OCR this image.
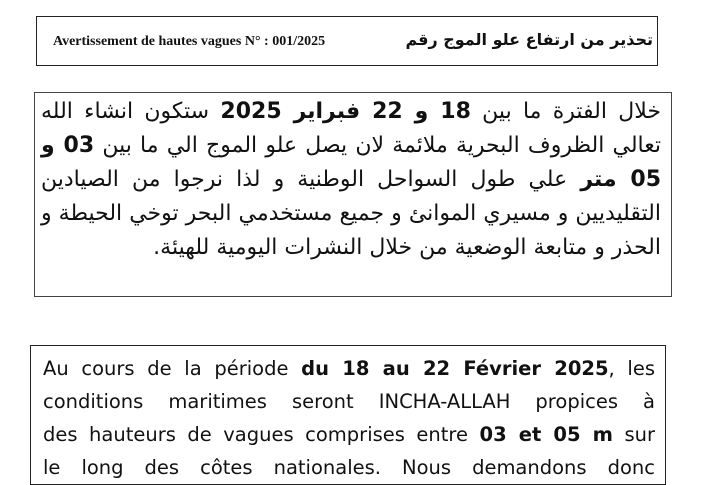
Avertissement de hautes vagues N° : 001/2025	تحذير من ارتفاع علو الموج رقم
خلال الفترة ما بين 18 و 22 فبراير 2025 ستكون انشاء الله تعالي الظروف البحرية ملائمة لان يصل علو الموج الي ما بين 03 و 05 متر علي طول السواحل الوطنية و لذا نرجوا من الصيادين التقليديين و مسيري الموانئ و جميع مستخدمي البحر توخي الحيطة و الحذر و متابعة الوضعية من خلال النشرات اليومية للهيئة.
Au cours de la période du 18 au 22 Février 2025, les
conditions maritimes seront INCHA-ALLAH propices à
des hauteurs de vagues comprises entre 03 et 05 m sur
le long des côtes nationales. Nous demandons donc
